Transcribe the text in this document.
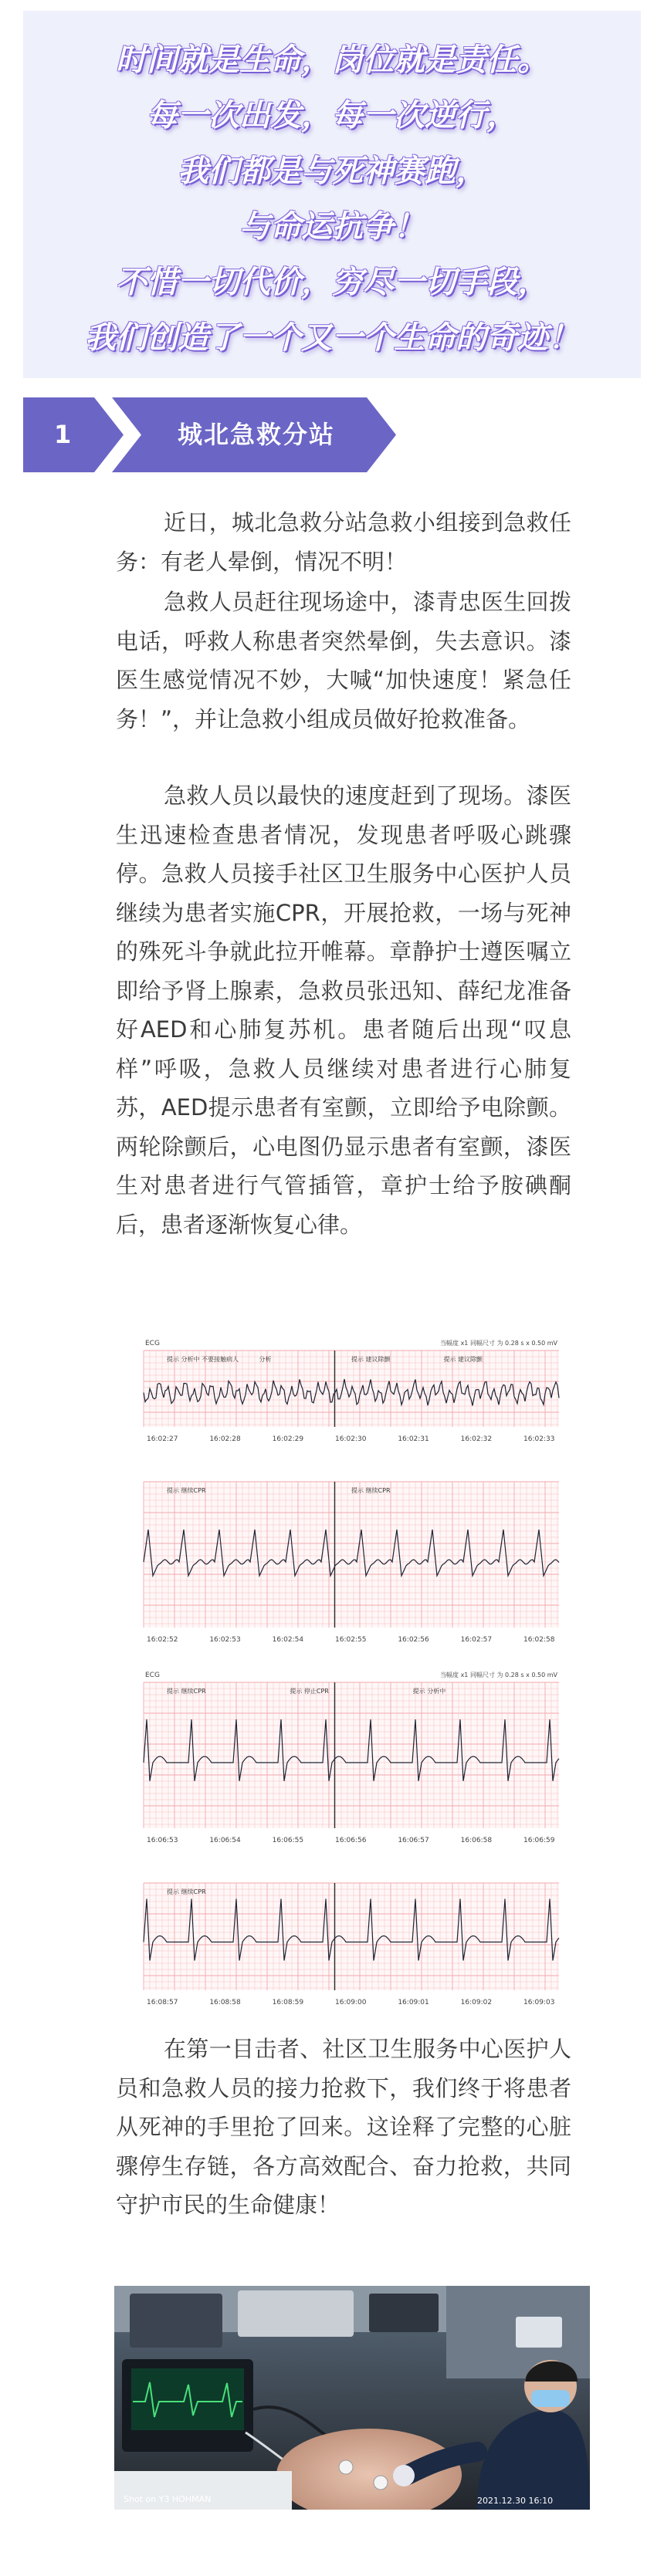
时间就是生命，岗位就是责任。
每一次出发，每一次逆行，
我们都是与死神赛跑，
与命运抗争！
不惜一切代价，穷尽一切手段，
我们创造了一个又一个生命的奇迹！
1	城北急救分站

近日，城北急救分站急救小组接到急救任务：有老人晕倒，情况不明！

急救人员赶往现场途中，漆青忠医生回拨电话，呼救人称患者突然晕倒，失去意识。漆医生感觉情况不妙，大喊“加快速度！紧急任务！”，并让急救小组成员做好抢救准备。

急救人员以最快的速度赶到了现场。漆医生迅速检查患者情况，发现患者呼吸心跳骤停。急救人员接手社区卫生服务中心医护人员继续为患者实施CPR，开展抢救，一场与死神的殊死斗争就此拉开帷幕。章静护士遵医嘱立即给予肾上腺素，急救员张迅知、薛纪龙准备好AED和心肺复苏机。患者随后出现“叹息样”呼吸，急救人员继续对患者进行心肺复苏，AED提示患者有室颤，立即给予电除颤。两轮除颤后，心电图仍显示患者有室颤，漆医生对患者进行气管插管，章护士给予胺碘酮后，患者逐渐恢复心律。

ECG	当幅度 x1 同幅尺寸 为 0.28 s x 0.50 mV
提示 分析中 不要接触病人	分析	提示 建议除颤	提示 建议除颤
16:02:27	16:02:28	16:02:29	16:02:30	16:02:31	16:02:32	16:02:33
提示 继续CPR	提示 继续CPR
16:02:52	16:02:53	16:02:54	16:02:55	16:02:56	16:02:57	16:02:58
ECG	当幅度 x1 同幅尺寸 为 0.28 s x 0.50 mV
提示 继续CPR	提示 停止CPR	提示 分析中
16:06:53	16:06:54	16:06:55	16:06:56	16:06:57	16:06:58	16:06:59
提示 继续CPR
16:08:57	16:08:58	16:08:59	16:09:00	16:09:01	16:09:02	16:09:03

在第一目击者、社区卫生服务中心医护人员和急救人员的接力抢救下，我们终于将患者从死神的手里抢了回来。这诠释了完整的心脏骤停生存链，各方高效配合、奋力抢救，共同守护市民的生命健康！

Shot on Y3 HOHMAN	2021.12.30 16:10
